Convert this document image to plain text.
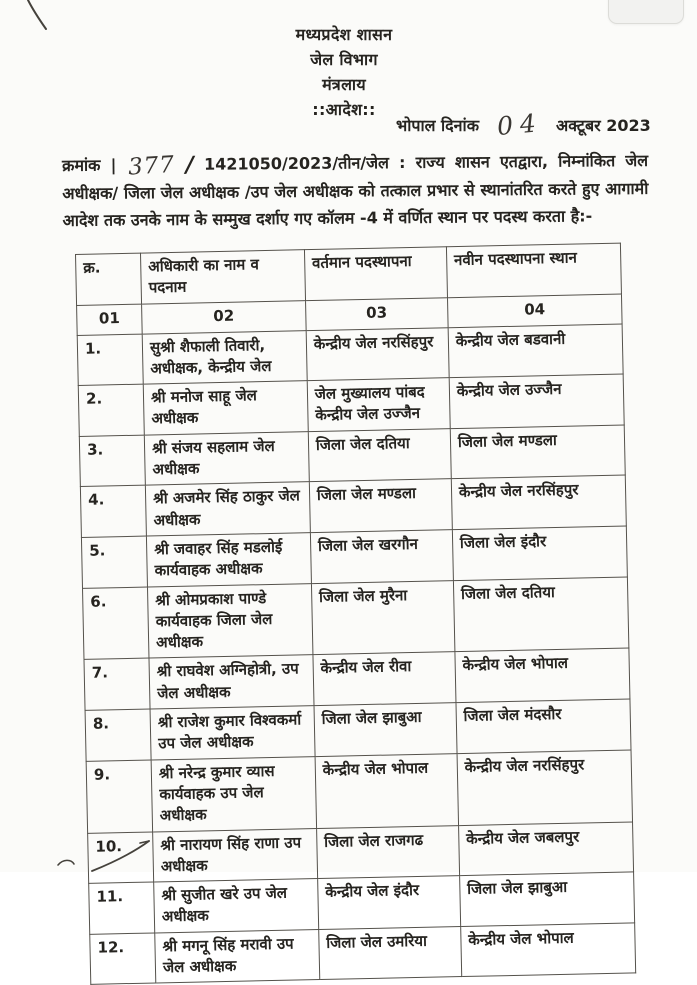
मध्यप्रदेश शासन
जेल विभाग
मंत्रलाय
::आदेश::
भोपाल दिनांक 04 अक्टूबर 2023

क्रमांक | 377 / 1421050/2023/तीन/जेल : राज्य शासन एतद्वारा, निम्नांकित जेल अधीक्षक/ जिला जेल अधीक्षक /उप जेल अधीक्षक को तत्काल प्रभार से स्थानांतरित करते हुए आगामी आदेश तक उनके नाम के सम्मुख दर्शाए गए कॉलम -4 में वर्णित स्थान पर पदस्थ करता है:-

क्र.	अधिकारी का नाम व पदनाम	वर्तमान पदस्थापना	नवीन पदस्थापना स्थान
01	02	03	04
1.	सुश्री शैफाली तिवारी, अधीक्षक, केन्द्रीय जेल	केन्द्रीय जेल नरसिंहपुर	केन्द्रीय जेल बडवानी
2.	श्री मनोज साहू जेल अधीक्षक	जेल मुख्यालय पांबद केन्द्रीय जेल उज्जैन	केन्द्रीय जेल उज्जैन
3.	श्री संजय सहलाम जेल अधीक्षक	जिला जेल दतिया	जिला जेल मण्डला
4.	श्री अजमेर सिंह ठाकुर जेल अधीक्षक	जिला जेल मण्डला	केन्द्रीय जेल नरसिंहपुर
5.	श्री जवाहर सिंह मडलोई कार्यवाहक अधीक्षक	जिला जेल खरगौन	जिला जेल इंदौर
6.	श्री ओमप्रकाश पाण्डे कार्यवाहक जिला जेल अधीक्षक	जिला जेल मुरैना	जिला जेल दतिया
7.	श्री राघवेश अग्निहोत्री, उप जेल अधीक्षक	केन्द्रीय जेल रीवा	केन्द्रीय जेल भोपाल
8.	श्री राजेश कुमार विश्वकर्मा उप जेल अधीक्षक	जिला जेल झाबुआ	जिला जेल मंदसौर
9.	श्री नरेन्द्र कुमार व्यास कार्यवाहक उप जेल अधीक्षक	केन्द्रीय जेल भोपाल	केन्द्रीय जेल नरसिंहपुर
10.	श्री नारायण सिंह राणा उप अधीक्षक	जिला जेल राजगढ	केन्द्रीय जेल जबलपुर
11.	श्री सुजीत खरे उप जेल अधीक्षक	केन्द्रीय जेल इंदौर	जिला जेल झाबुआ
12.	श्री मगनू सिंह मरावी उप जेल अधीक्षक	जिला जेल उमरिया	केन्द्रीय जेल भोपाल
